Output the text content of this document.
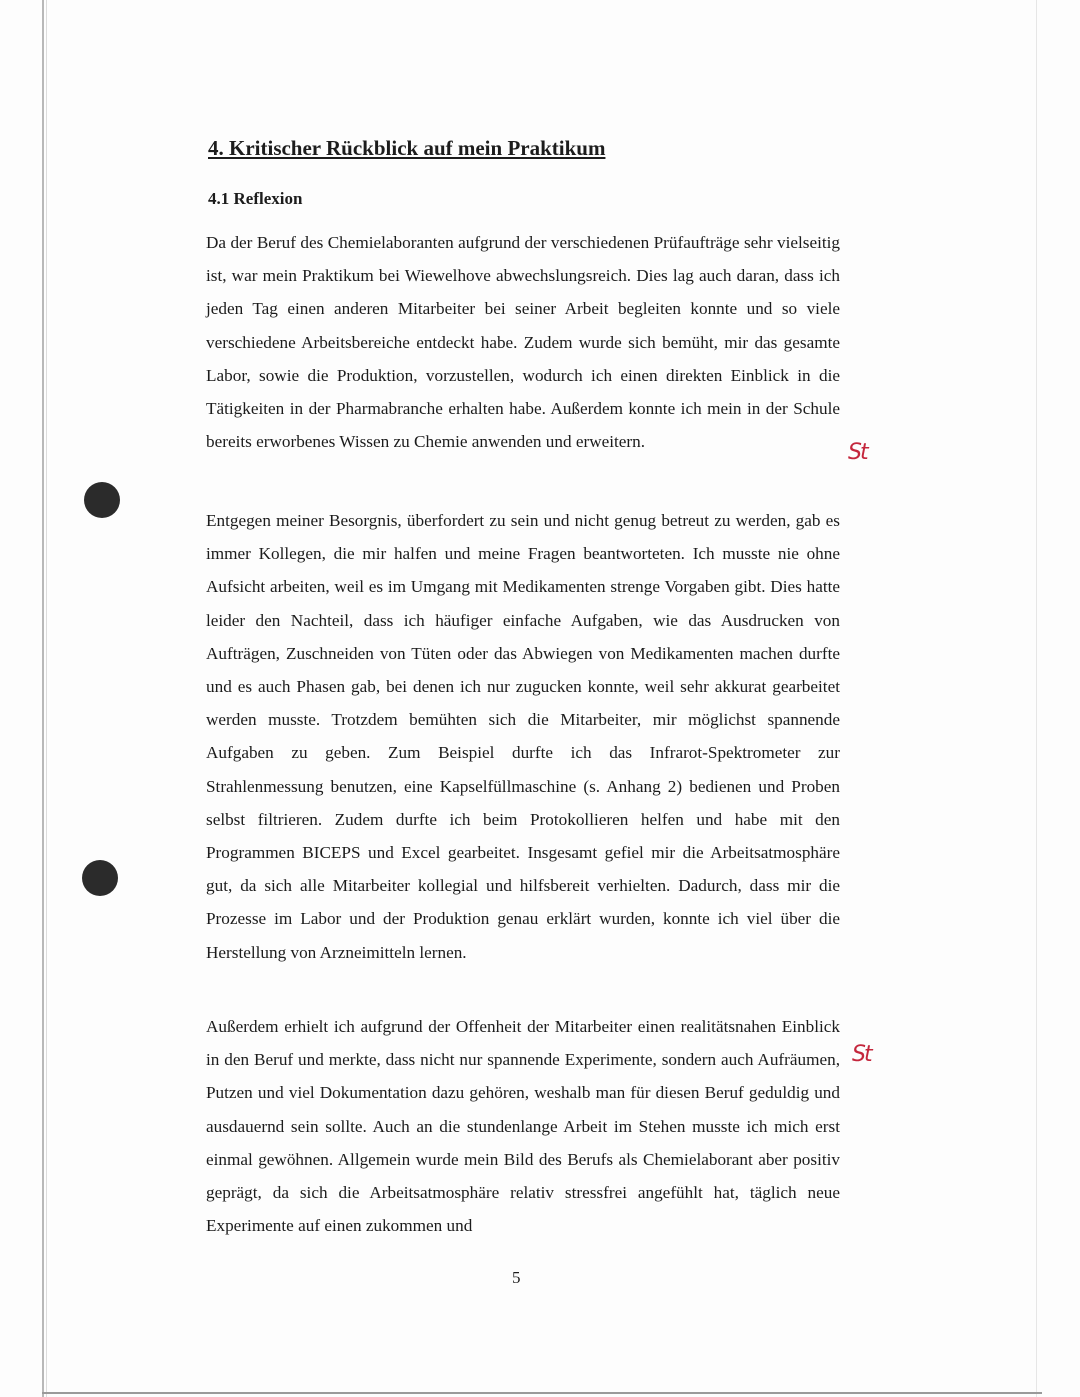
4. Kritischer Rückblick auf mein Praktikum
4.1 Reflexion

Da der Beruf des Chemielaboranten aufgrund der verschiedenen Prüfaufträge sehr vielseitig ist, war mein Praktikum bei Wiewelhove abwechslungsreich. Dies lag auch daran, dass ich jeden Tag einen anderen Mitarbeiter bei seiner Arbeit begleiten konnte und so viele verschiedene Arbeitsbereiche entdeckt habe. Zudem wurde sich bemüht, mir das gesamte Labor, sowie die Produktion, vorzustellen, wodurch ich einen direkten Einblick in die Tätigkeiten in der Pharmabranche erhalten habe. Außerdem konnte ich mein in der Schule bereits erworbenes Wissen zu Chemie anwenden und erweitern.

Entgegen meiner Besorgnis, überfordert zu sein und nicht genug betreut zu werden, gab es immer Kollegen, die mir halfen und meine Fragen beantworteten. Ich musste nie ohne Aufsicht arbeiten, weil es im Umgang mit Medikamenten strenge Vorgaben gibt. Dies hatte leider den Nachteil, dass ich häufiger einfache Aufgaben, wie das Ausdrucken von Aufträgen, Zuschneiden von Tüten oder das Abwiegen von Medikamenten machen durfte und es auch Phasen gab, bei denen ich nur zugucken konnte, weil sehr akkurat gearbeitet werden musste. Trotzdem bemühten sich die Mitarbeiter, mir möglichst spannende Aufgaben zu geben. Zum Beispiel durfte ich das Infrarot-Spektrometer zur Strahlenmessung benutzen, eine Kapselfüllmaschine (s. Anhang 2) bedienen und Proben selbst filtrieren. Zudem durfte ich beim Protokollieren helfen und habe mit den Programmen BICEPS und Excel gearbeitet. Insgesamt gefiel mir die Arbeitsatmosphäre gut, da sich alle Mitarbeiter kollegial und hilfsbereit verhielten. Dadurch, dass mir die Prozesse im Labor und der Produktion genau erklärt wurden, konnte ich viel über die Herstellung von Arzneimitteln lernen.

Außerdem erhielt ich aufgrund der Offenheit der Mitarbeiter einen realitätsnahen Einblick in den Beruf und merkte, dass nicht nur spannende Experimente, sondern auch Aufräumen, Putzen und viel Dokumentation dazu gehören, weshalb man für diesen Beruf geduldig und ausdauernd sein sollte. Auch an die stundenlange Arbeit im Stehen musste ich mich erst einmal gewöhnen. Allgemein wurde mein Bild des Berufs als Chemielaborant aber positiv geprägt, da sich die Arbeitsatmosphäre relativ stressfrei angefühlt hat, täglich neue Experimente auf einen zukommen und

St
St
5
